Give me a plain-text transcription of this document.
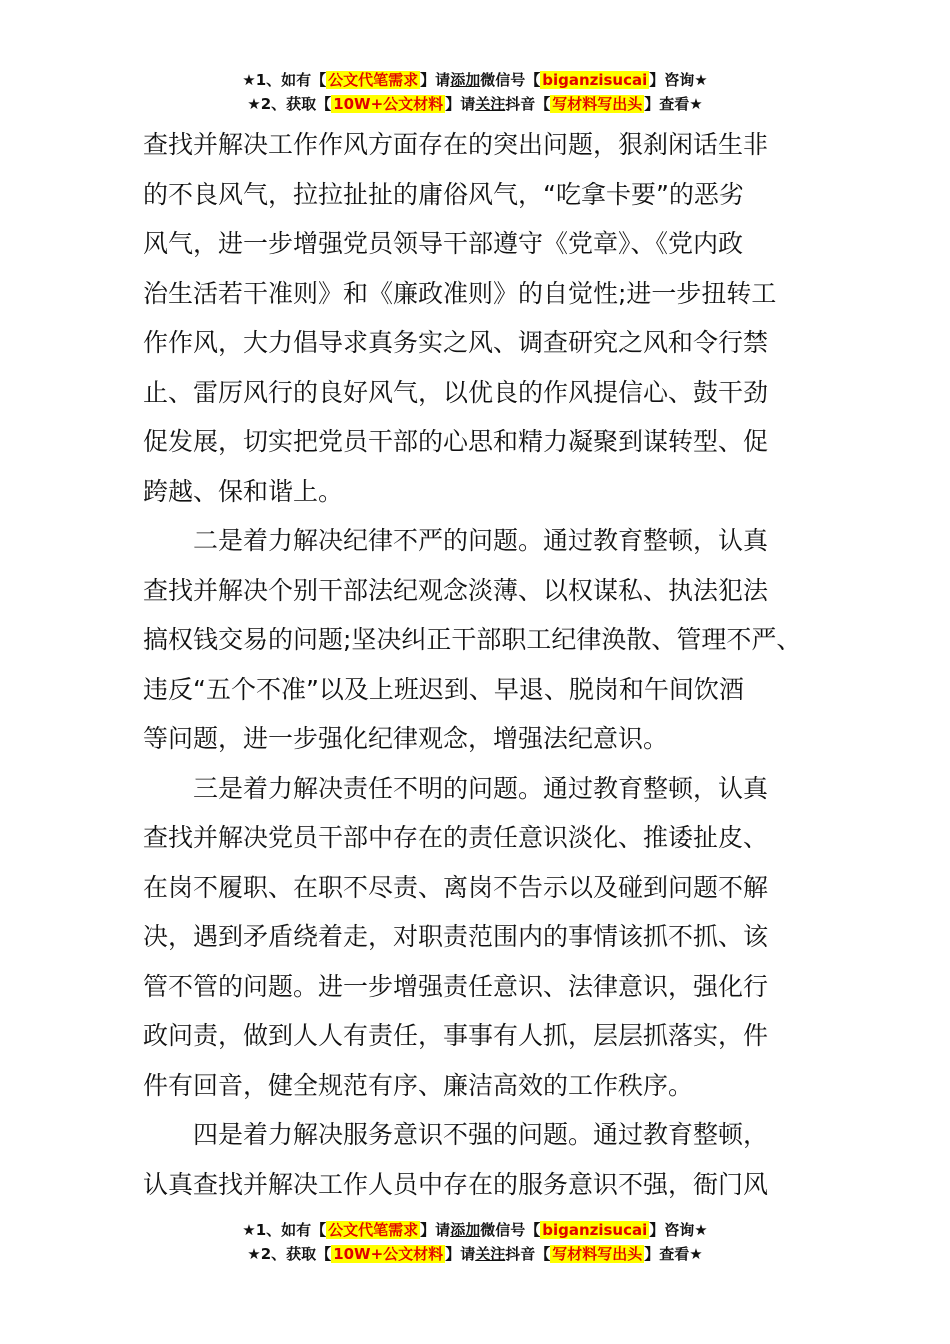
★1、如有【 公文代笔需求 】请添加微信号【 biganzisucai 】咨询★
★2、获取【 10W+公文材料 】请关注抖音【 写材料写出头 】查看★
查找并解决工作作风方面存在的突出问题，狠刹闲话生非
的不良风气，拉拉扯扯的庸俗风气，“吃拿卡要”的恶劣
风气，进一步增强党员领导干部遵守《党章》、《党内政
治生活若干准则》和《廉政准则》的自觉性;进一步扭转工
作作风，大力倡导求真务实之风、调查研究之风和令行禁
止、雷厉风行的良好风气，以优良的作风提信心、鼓干劲
促发展，切实把党员干部的心思和精力凝聚到谋转型、促
跨越、保和谐上。
　　二是着力解决纪律不严的问题。通过教育整顿，认真
查找并解决个别干部法纪观念淡薄、以权谋私、执法犯法
搞权钱交易的问题;坚决纠正干部职工纪律涣散、管理不严、
违反“五个不准”以及上班迟到、早退、脱岗和午间饮酒
等问题，进一步强化纪律观念，增强法纪意识。
　　三是着力解决责任不明的问题。通过教育整顿，认真
查找并解决党员干部中存在的责任意识淡化、推诿扯皮、
在岗不履职、在职不尽责、离岗不告示以及碰到问题不解
决，遇到矛盾绕着走，对职责范围内的事情该抓不抓、该
管不管的问题。进一步增强责任意识、法律意识，强化行
政问责，做到人人有责任，事事有人抓，层层抓落实，件
件有回音，健全规范有序、廉洁高效的工作秩序。
　　四是着力解决服务意识不强的问题。通过教育整顿，
认真查找并解决工作人员中存在的服务意识不强，衙门风
★1、如有【 公文代笔需求 】请添加微信号【 biganzisucai 】咨询★
★2、获取【 10W+公文材料 】请关注抖音【 写材料写出头 】查看★
